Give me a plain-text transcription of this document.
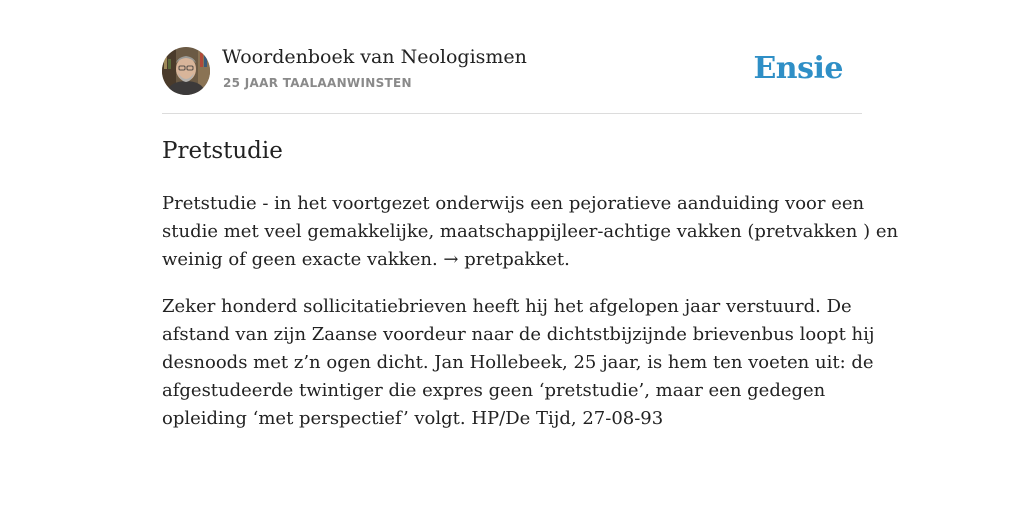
Woordenboek van Neologismen
25 JAAR TAALAANWINSTEN	Ensie
Pretstudie

Pretstudie - in het voortgezet onderwijs een pejoratieve aanduiding voor een
studie met veel gemakkelijke, maatschappijleer-achtige vakken (pretvakken ) en
weinig of geen exacte vakken. → pretpakket.

Zeker honderd sollicitatiebrieven heeft hij het afgelopen jaar verstuurd. De
afstand van zijn Zaanse voordeur naar de dichtstbijzijnde brievenbus loopt hij
desnoods met z’n ogen dicht. Jan Hollebeek, 25 jaar, is hem ten voeten uit: de
afgestudeerde twintiger die expres geen ‘pretstudie’, maar een gedegen
opleiding ‘met perspectief’ volgt. HP/De Tijd, 27-08-93
